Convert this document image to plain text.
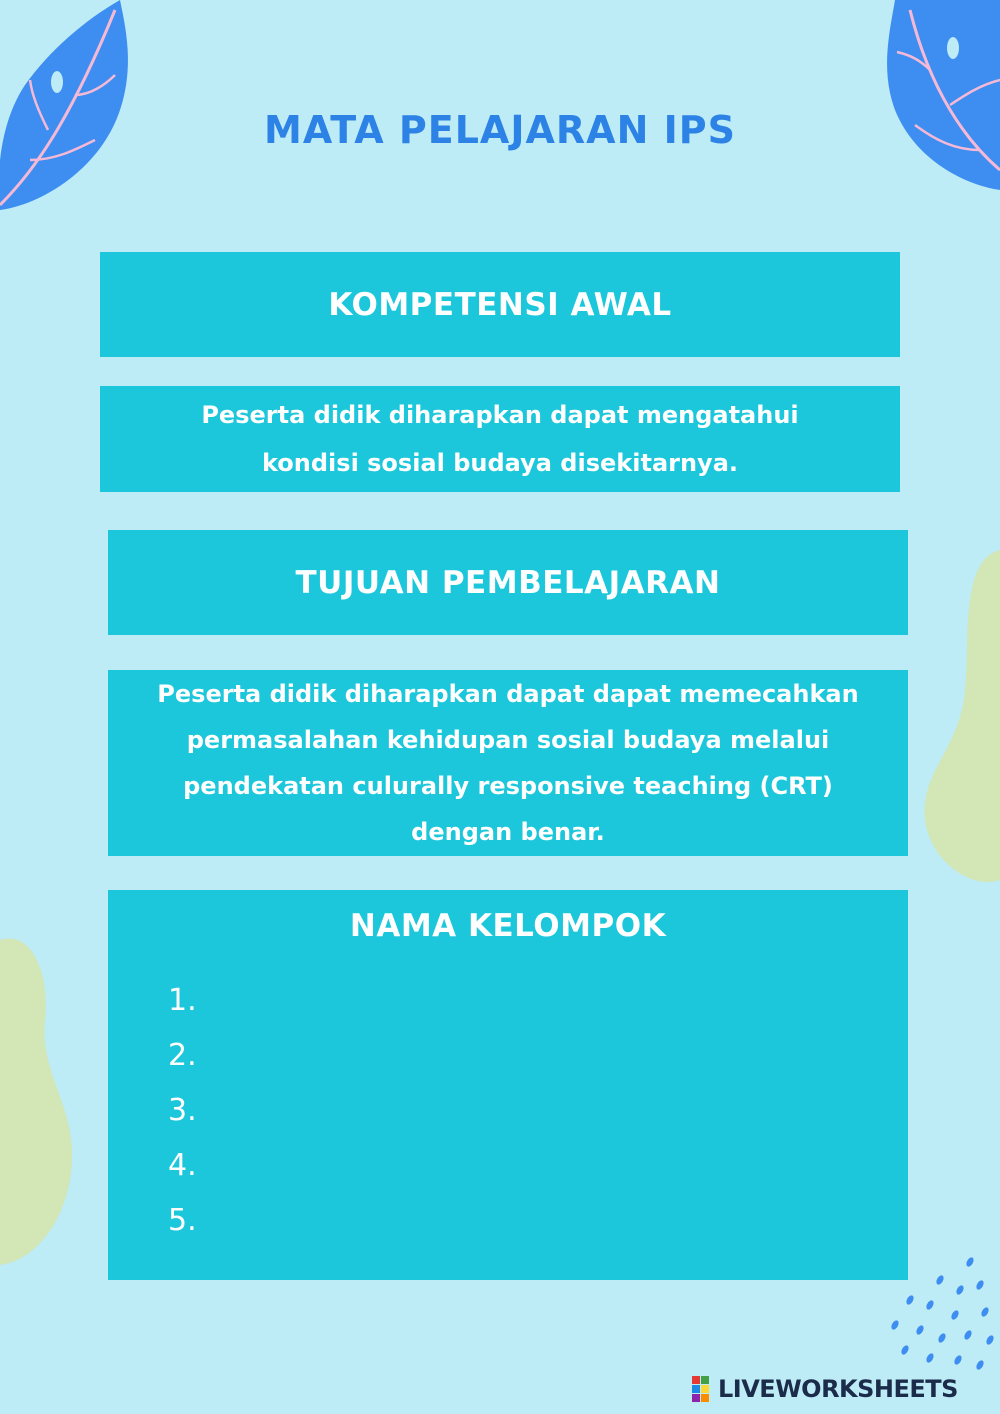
MATA PELAJARAN IPS
KOMPETENSI AWAL
Peserta didik diharapkan dapat mengatahui
kondisi sosial budaya disekitarnya.
TUJUAN PEMBELAJARAN
Peserta didik diharapkan dapat dapat memecahkan
permasalahan kehidupan sosial budaya melalui
pendekatan culurally responsive teaching (CRT)
dengan benar.
NAMA KELOMPOK
1.
2.
3.
4.
5.
LIVEWORKSHEETS
